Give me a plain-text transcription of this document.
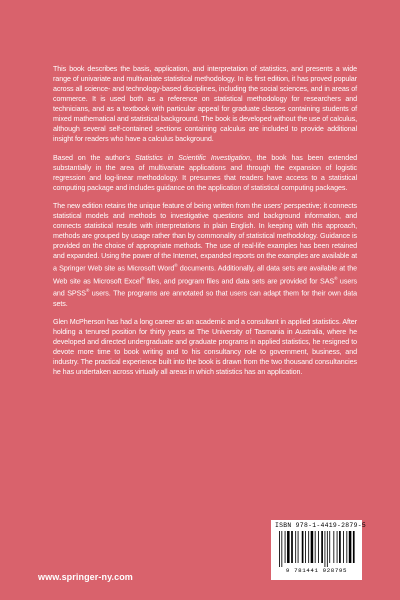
This book describes the basis, application, and interpretation of statistics, and presents a wide range of univariate and multivariate statistical methodology. In its first edition, it has proved popular across all science- and technology-based disciplines, including the social sciences, and in areas of commerce. It is used both as a reference on statistical methodology for researchers and technicians, and as a textbook with particular appeal for graduate classes containing students of mixed mathematical and statistical background. The book is developed without the use of calculus, although several self-contained sections containing calculus are included to provide additional insight for readers who have a calculus background.

Based on the author’s Statistics in Scientific Investigation, the book has been extended substantially in the area of multivariate applications and through the expansion of logistic regression and log-linear methodology. It presumes that readers have access to a statistical computing package and includes guidance on the application of statistical computing packages.

The new edition retains the unique feature of being written from the users’ perspective; it connects statistical models and methods to investigative questions and background information, and connects statistical results with interpretations in plain English. In keeping with this approach, methods are grouped by usage rather than by commonality of statistical methodology. Guidance is provided on the choice of appropriate methods. The use of real-life examples has been retained and expanded. Using the power of the Internet, expanded reports on the examples are available at a Springer Web site as Microsoft Word® documents. Additionally, all data sets are available at the Web site as Microsoft Excel® files, and program files and data sets are provided for SAS® users and SPSS® users. The programs are annotated so that users can adapt them for their own data sets.

Glen McPherson has had a long career as an academic and a consultant in applied statistics. After holding a tenured position for thirty years at The University of Tasmania in Australia, where he developed and directed undergraduate and graduate programs in applied statistics, he resigned to devote more time to book writing and to his consultancy role to government, business, and industry. The practical experience built into the book is drawn from the two thousand consultancies he has undertaken across virtually all areas in which statistics has an application.

ISBN 978-1-4419-2879-5
9 781441 928795
www.springer-ny.com
